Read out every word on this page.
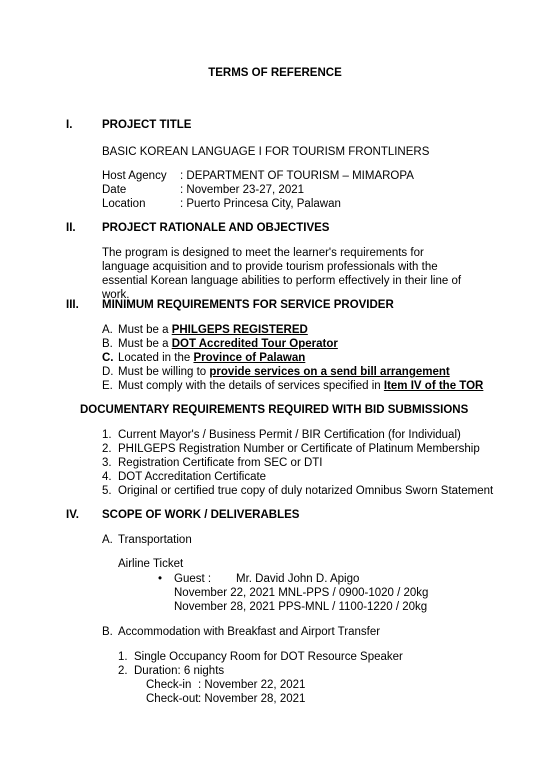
TERMS OF REFERENCE
I.	PROJECT TITLE
BASIC KOREAN LANGUAGE I FOR TOURISM FRONTLINERS
Host Agency : DEPARTMENT OF TOURISM – MIMAROPA
Date	: November 23-27, 2021
Location	: Puerto Princesa City, Palawan
II. PROJECT RATIONALE AND OBJECTIVES
The program is designed to meet the learner's requirements for language acquisition and to provide tourism professionals with the essential Korean language abilities to perform effectively in their line of work.
III. MINIMUM REQUIREMENTS FOR SERVICE PROVIDER
A. Must be a PHILGEPS REGISTERED
B. Must be a DOT Accredited Tour Operator
C. Located in the Province of Palawan
D. Must be willing to provide services on a send bill arrangement
E. Must comply with the details of services specified in Item IV of the TOR
DOCUMENTARY REQUIREMENTS REQUIRED WITH BID SUBMISSIONS
1. Current Mayor's / Business Permit / BIR Certification (for Individual)
2. PHILGEPS Registration Number or Certificate of Platinum Membership
3. Registration Certificate from SEC or DTI
4. DOT Accreditation Certificate
5. Original or certified true copy of duly notarized Omnibus Sworn Statement
IV. SCOPE OF WORK / DELIVERABLES
A. Transportation
Airline Ticket
• Guest : Mr. David John D. Apigo
November 22, 2021 MNL-PPS / 0900-1020 / 20kg
November 28, 2021 PPS-MNL / 1100-1220 / 20kg
B. Accommodation with Breakfast and Airport Transfer
1. Single Occupancy Room for DOT Resource Speaker
2. Duration: 6 nights
Check-in : November 22, 2021
Check-out: November 28, 2021
